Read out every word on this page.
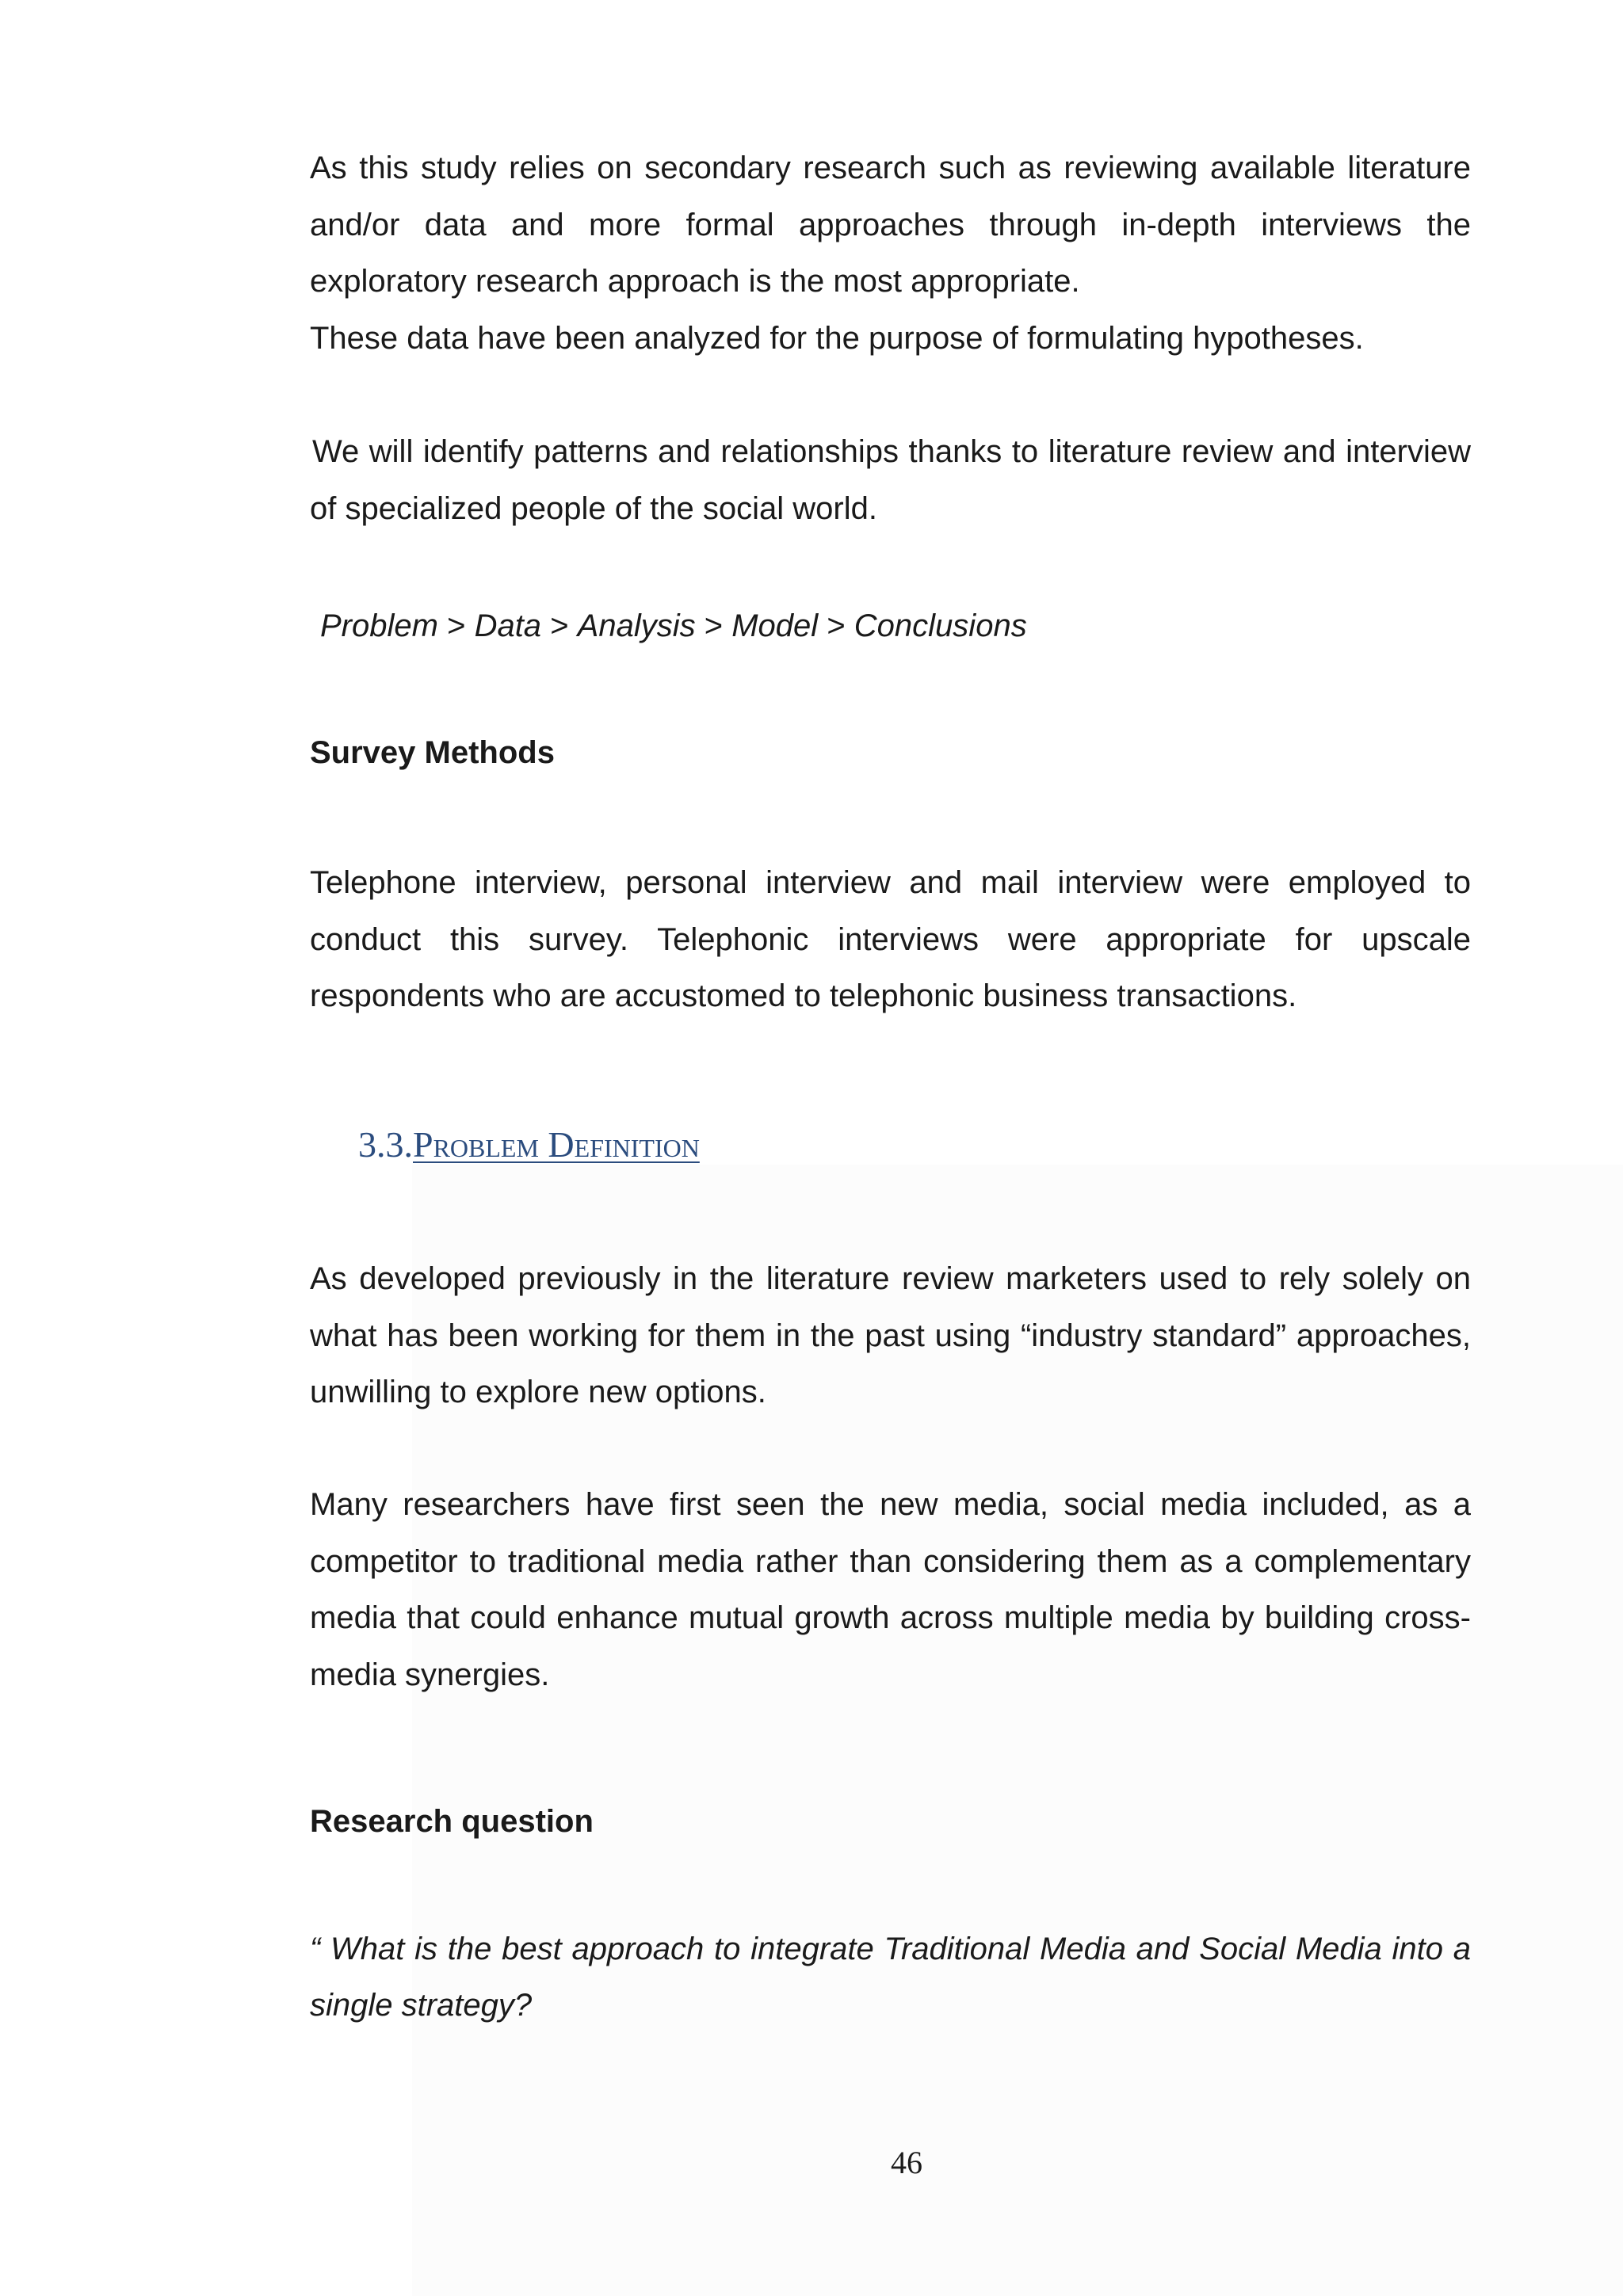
As this study relies on secondary research such as reviewing available literature and/or data and more formal approaches through in-depth interviews the exploratory research approach is the most appropriate.

These data have been analyzed for the purpose of formulating hypotheses.

We will identify patterns and relationships thanks to literature review and interview of specialized people of the social world.

Problem > Data > Analysis > Model > Conclusions
Survey Methods

Telephone interview, personal interview and mail interview were employed to conduct this survey. Telephonic interviews were appropriate for upscale respondents who are accustomed to telephonic business transactions.

3.3.Problem Definition

As developed previously in the literature review marketers used to rely solely on what has been working for them in the past using “industry standard” approaches, unwilling to explore new options.

Many researchers have first seen the new media, social media included, as a competitor to traditional media rather than considering them as a complementary media that could enhance mutual growth across multiple media by building cross-media synergies.

Research question

“ What is the best approach to integrate Traditional Media and Social Media into a single strategy?

46
